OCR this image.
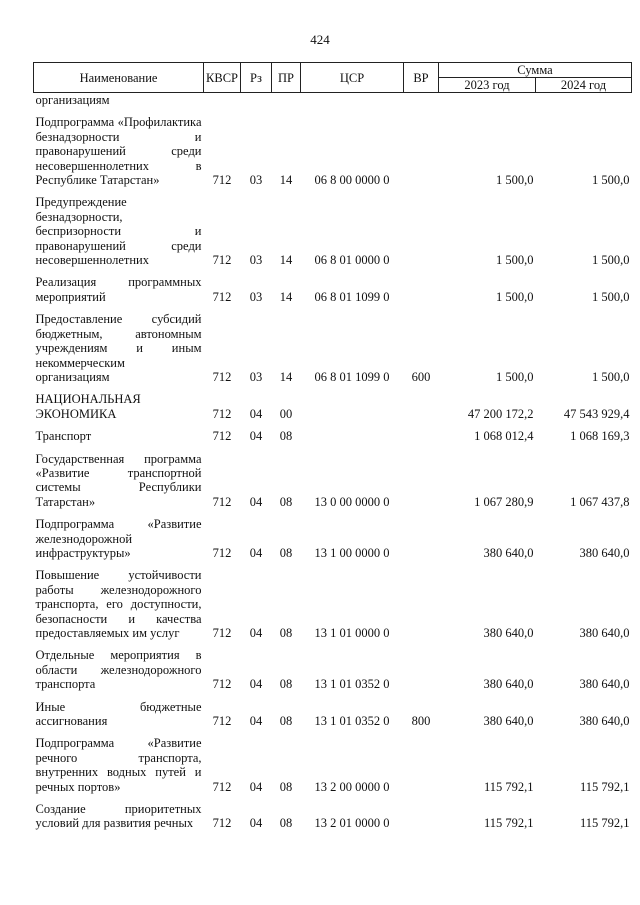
424
Наименование	КВСР	Рз	ПР	ЦСР	ВР	Сумма	
						2023 год	2024 год
организациям							

Подпрограмма «Профилактика безнадзорности и правонарушений среди несовершеннолетних в Республике Татарстан»	712	03	14	06 8 00 0000 0		1 500,0	1 500,0

Предупреждение безнадзорности, беспризорности и правонарушений среди несовершеннолетних	712	03	14	06 8 01 0000 0		1 500,0	1 500,0

Реализация программных мероприятий	712	03	14	06 8 01 1099 0		1 500,0	1 500,0

Предоставление субсидий бюджетным, автономным учреждениям и иным некоммерческим организациям	712	03	14	06 8 01 1099 0	600	1 500,0	1 500,0

НАЦИОНАЛЬНАЯ ЭКОНОМИКА	712	04	00			47 200 172,2	47 543 929,4

Транспорт	712	04	08			1 068 012,4	1 068 169,3

Государственная программа «Развитие транспортной системы Республики Татарстан»	712	04	08	13 0 00 0000 0		1 067 280,9	1 067 437,8

Подпрограмма «Развитие железнодорожной инфраструктуры»	712	04	08	13 1 00 0000 0		380 640,0	380 640,0

Повышение устойчивости работы железнодорожного транспорта, его доступности, безопасности и качества предоставляемых им услуг	712	04	08	13 1 01 0000 0		380 640,0	380 640,0

Отдельные мероприятия в области железнодорожного транспорта	712	04	08	13 1 01 0352 0		380 640,0	380 640,0

Иные бюджетные ассигнования	712	04	08	13 1 01 0352 0	800	380 640,0	380 640,0

Подпрограмма «Развитие речного транспорта, внутренних водных путей и речных портов»	712	04	08	13 2 00 0000 0		115 792,1	115 792,1

Создание приоритетных условий для развития речных	712	04	08	13 2 01 0000 0		115 792,1	115 792,1
